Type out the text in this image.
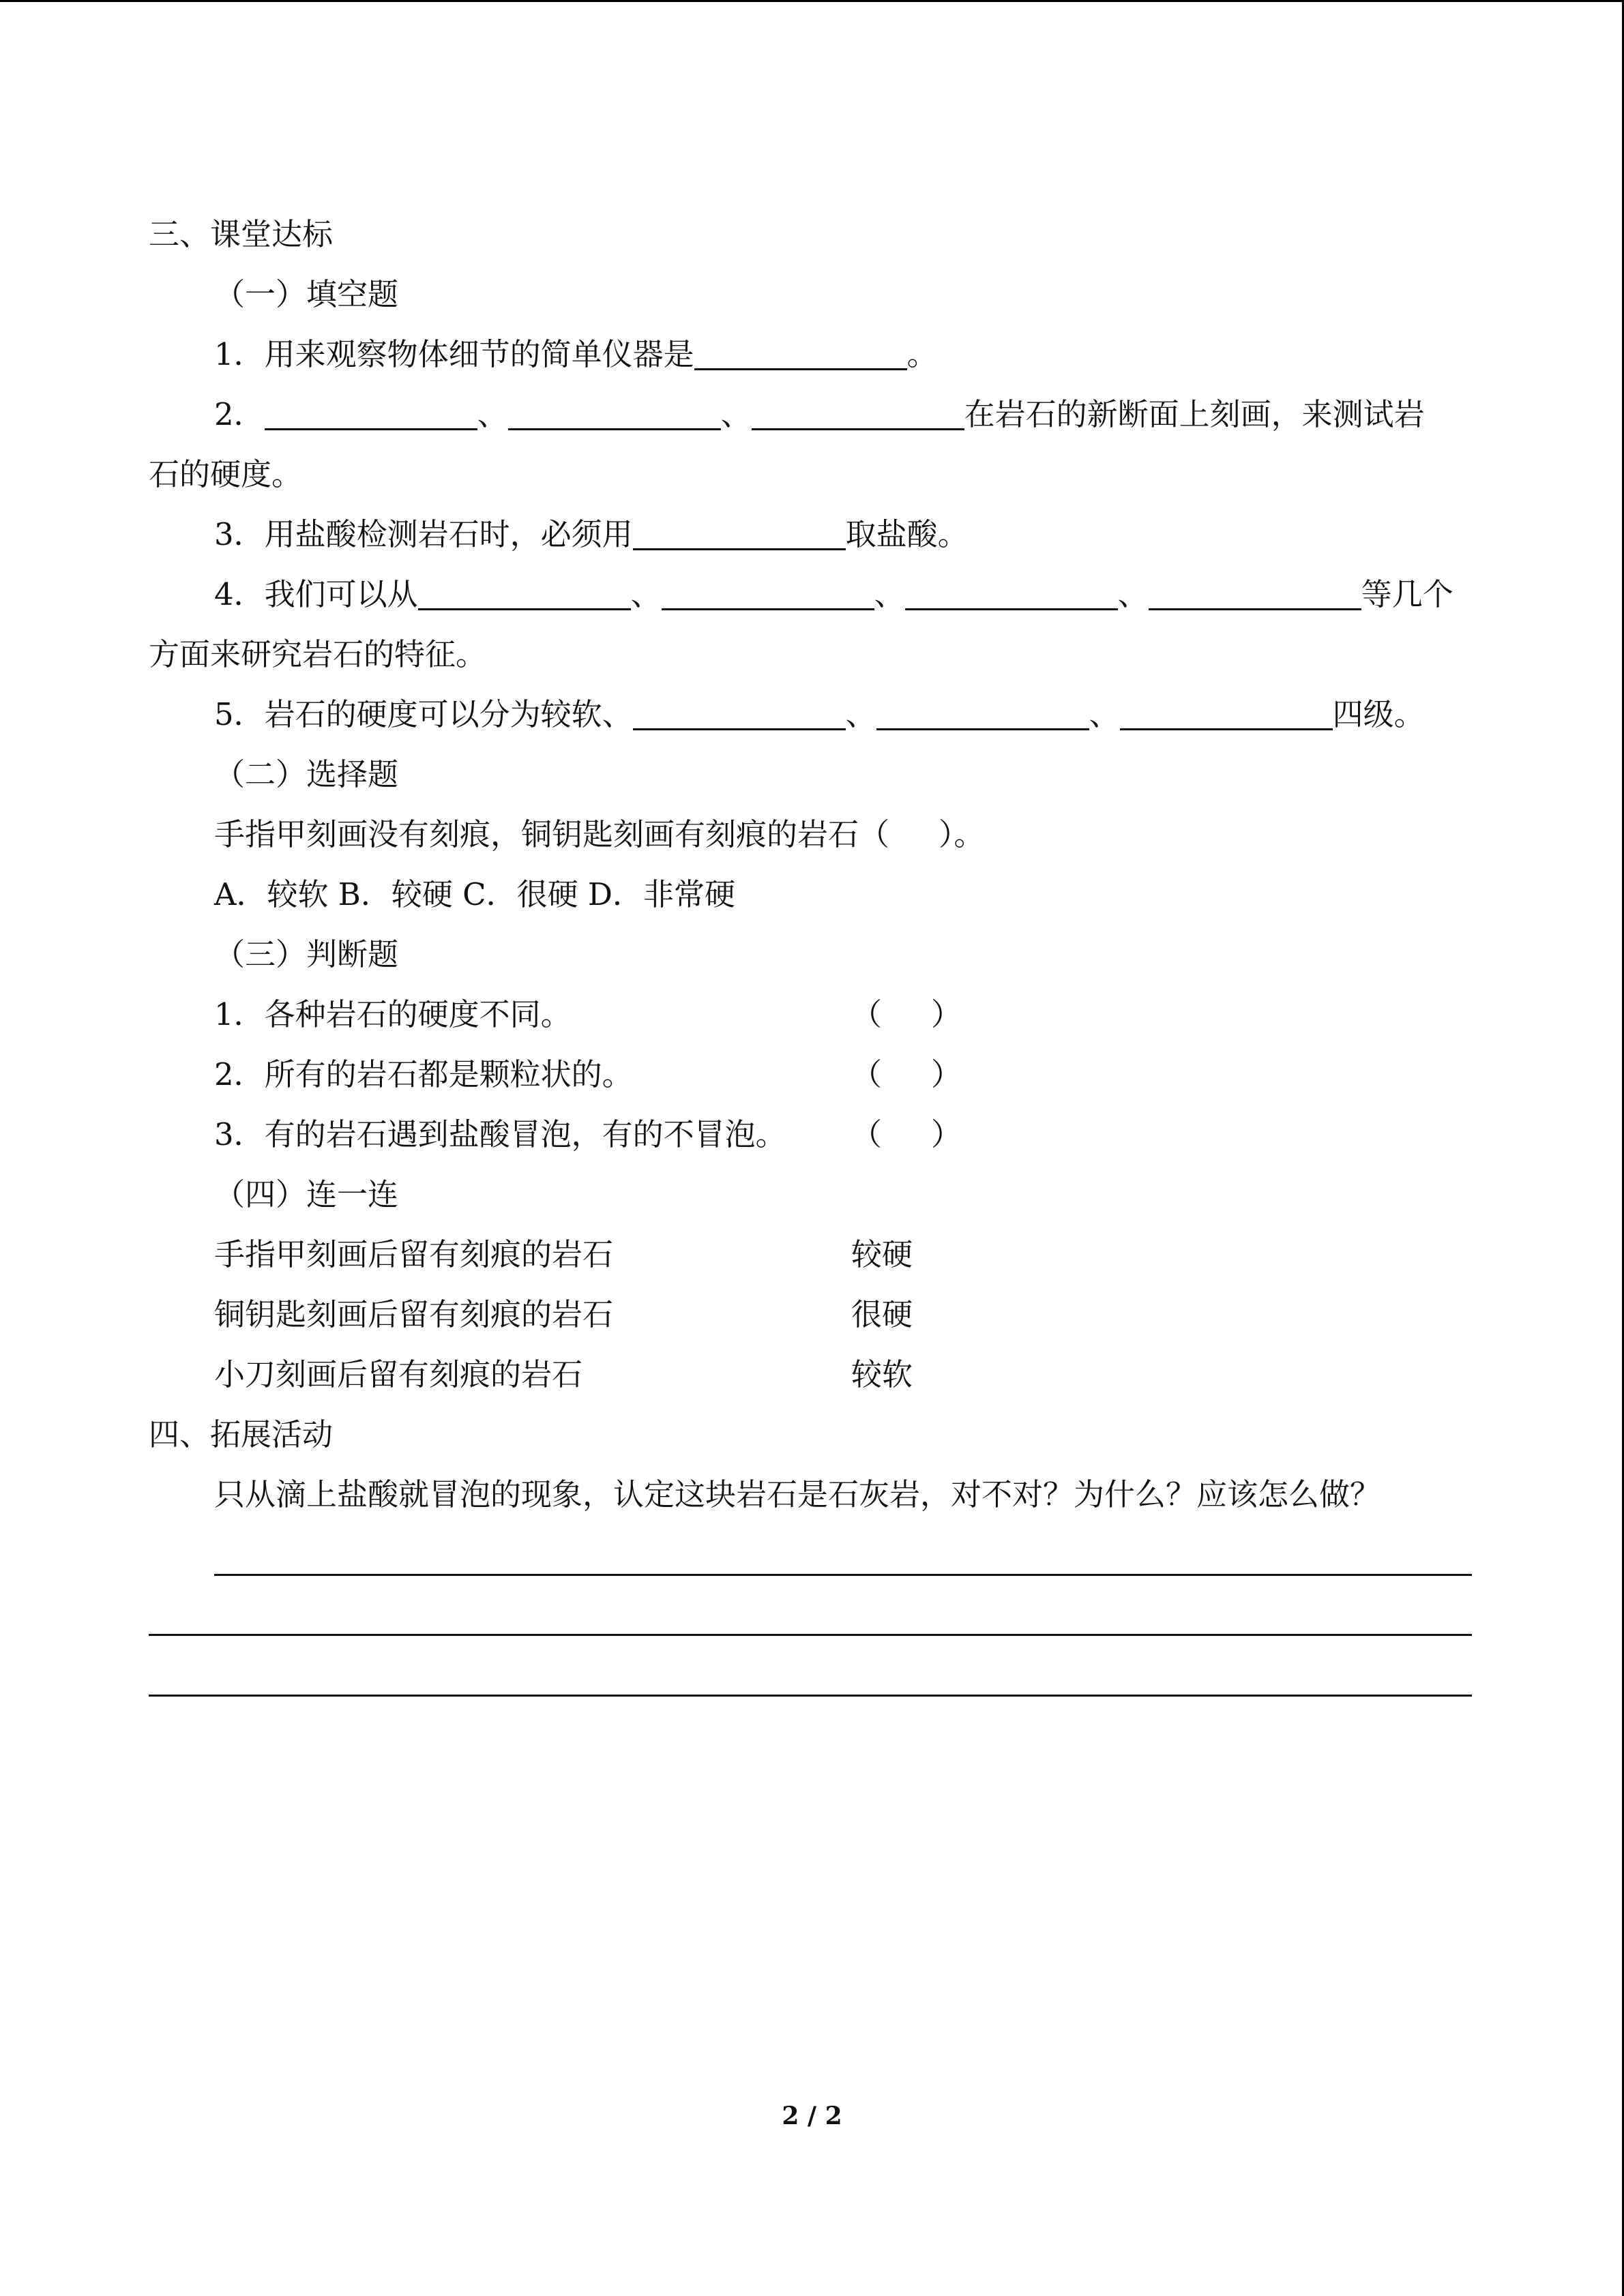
三、课堂达标
（一）填空题
1．用来观察物体细节的简单仪器是	。
2．	、	、	在岩石的新断面上刻画，来测试岩
石的硬度。
3．用盐酸检测岩石时，必须用	取盐酸。
4．我们可以从	、	、	、	等几个
方面来研究岩石的特征。
5．岩石的硬度可以分为较软、	、	、	四级。
（二）选择题
手指甲刻画没有刻痕，铜钥匙刻画有刻痕的岩石（ ）。
A．较软 B．较硬 C．很硬 D．非常硬
（三）判断题
1．各种岩石的硬度不同。	（ ）
2．所有的岩石都是颗粒状的。	（ ）
3．有的岩石遇到盐酸冒泡，有的不冒泡。 （ ）
（四）连一连
手指甲刻画后留有刻痕的岩石	较硬
铜钥匙刻画后留有刻痕的岩石	很硬
小刀刻画后留有刻痕的岩石	较软
四、拓展活动
只从滴上盐酸就冒泡的现象，认定这块岩石是石灰岩，对不对？为什么？应该怎么做？
2 / 2
